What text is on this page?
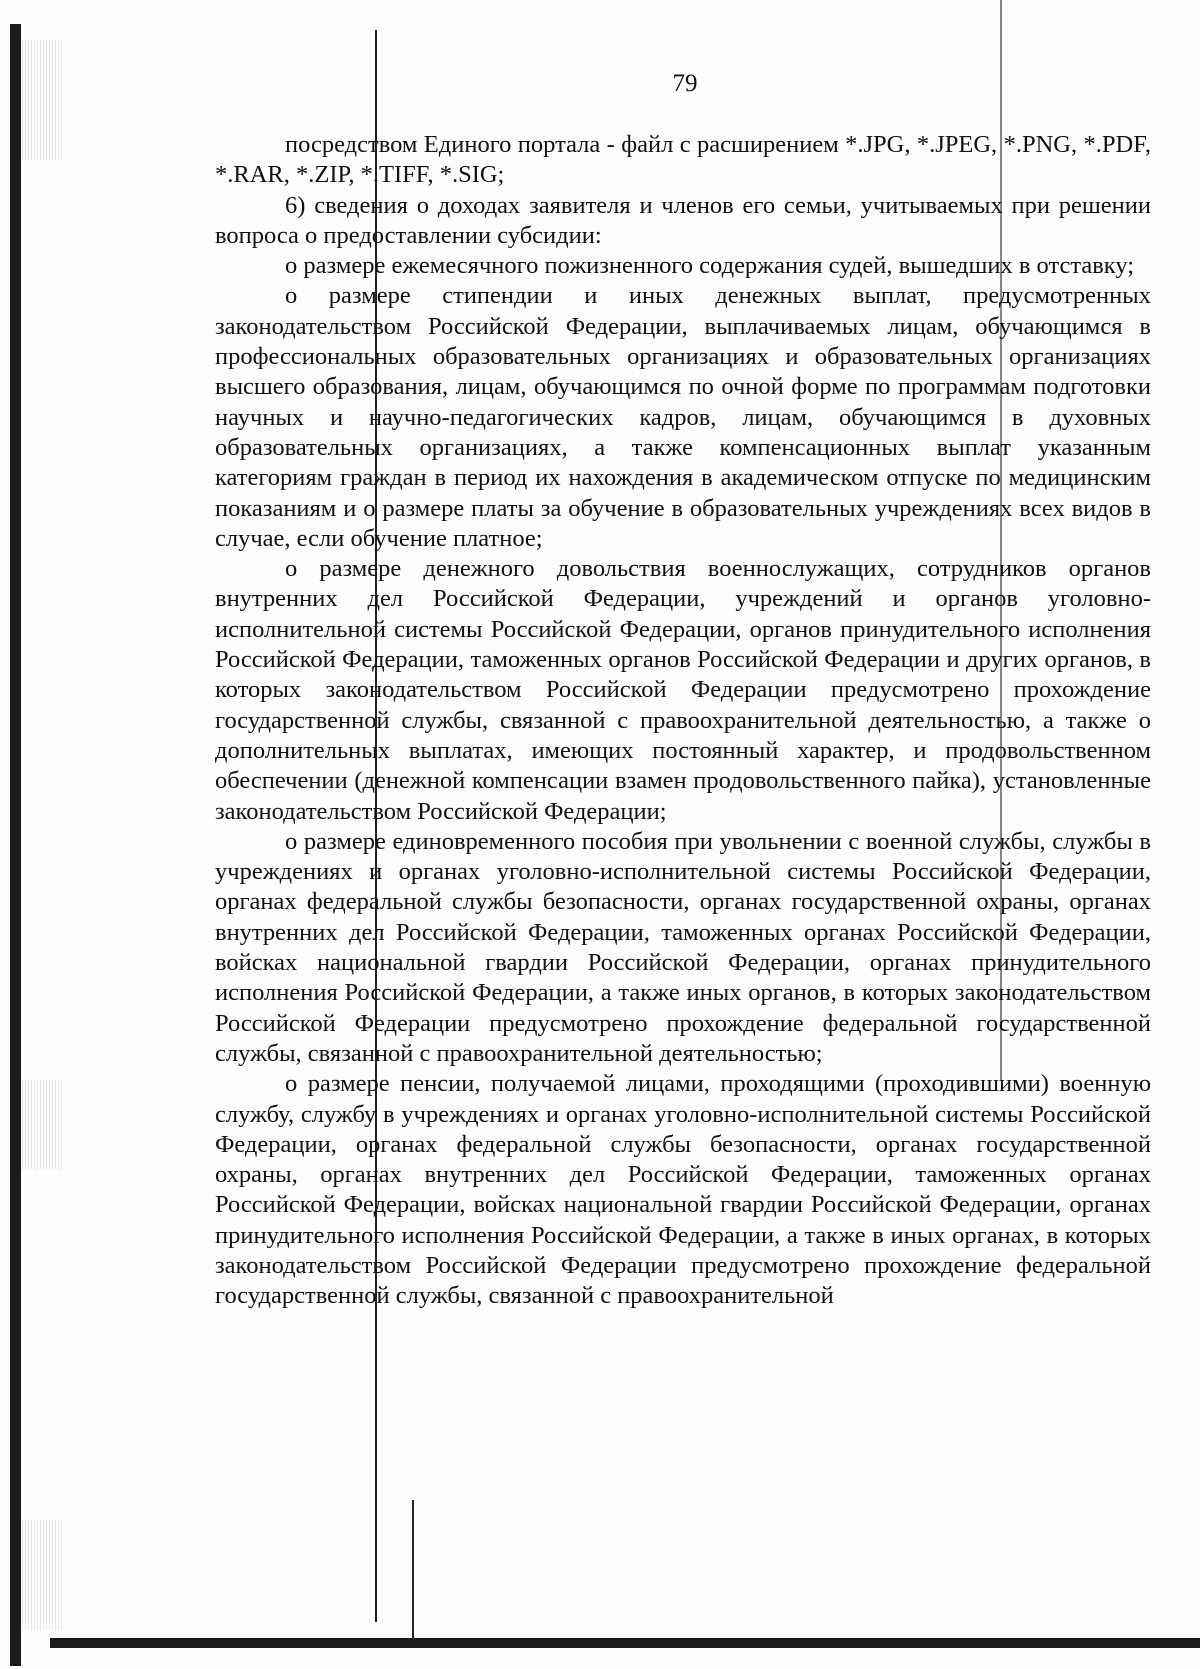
79

посредством Единого портала - файл с расширением *.JPG, *.JPEG, *.PNG, *.PDF, *.RAR, *.ZIP, *.TIFF, *.SIG;

6) сведения о доходах заявителя и членов его семьи, учитываемых при решении вопроса о предоставлении субсидии:

о размере ежемесячного пожизненного содержания судей, вышедших в отставку;

о размере стипендии и иных денежных выплат, предусмотренных законодательством Российской Федерации, выплачиваемых лицам, обучающимся в профессиональных образовательных организациях и образовательных организациях высшего образования, лицам, обучающимся по очной форме по программам подготовки научных и научно-педагогических кадров, лицам, обучающимся в духовных образовательных организациях, а также компенсационных выплат указанным категориям граждан в период их нахождения в академическом отпуске по медицинским показаниям и о размере платы за обучение в образовательных учреждениях всех видов в случае, если обучение платное;

о размере денежного довольствия военнослужащих, сотрудников органов внутренних дел Российской Федерации, учреждений и органов уголовно-исполнительной системы Российской Федерации, органов принудительного исполнения Российской Федерации, таможенных органов Российской Федерации и других органов, в которых законодательством Российской Федерации предусмотрено прохождение государственной службы, связанной с правоохранительной деятельностью, а также о дополнительных выплатах, имеющих постоянный характер, и продовольственном обеспечении (денежной компенсации взамен продовольственного пайка), установленные законодательством Российской Федерации;

о размере единовременного пособия при увольнении с военной службы, службы в учреждениях и органах уголовно-исполнительной системы Российской Федерации, органах федеральной службы безопасности, органах государственной охраны, органах внутренних дел Российской Федерации, таможенных органах Российской Федерации, войсках национальной гвардии Российской Федерации, органах принудительного исполнения Российской Федерации, а также иных органов, в которых законодательством Российской Федерации предусмотрено прохождение федеральной государственной службы, связанной с правоохранительной деятельностью;

о размере пенсии, получаемой лицами, проходящими (проходившими) военную службу, службу в учреждениях и органах уголовно-исполнительной системы Российской Федерации, органах федеральной службы безопасности, органах государственной охраны, органах внутренних дел Российской Федерации, таможенных органах Российской Федерации, войсках национальной гвардии Российской Федерации, органах принудительного исполнения Российской Федерации, а также в иных органах, в которых законодательством Российской Федерации предусмотрено прохождение федеральной государственной службы, связанной с правоохранительной
